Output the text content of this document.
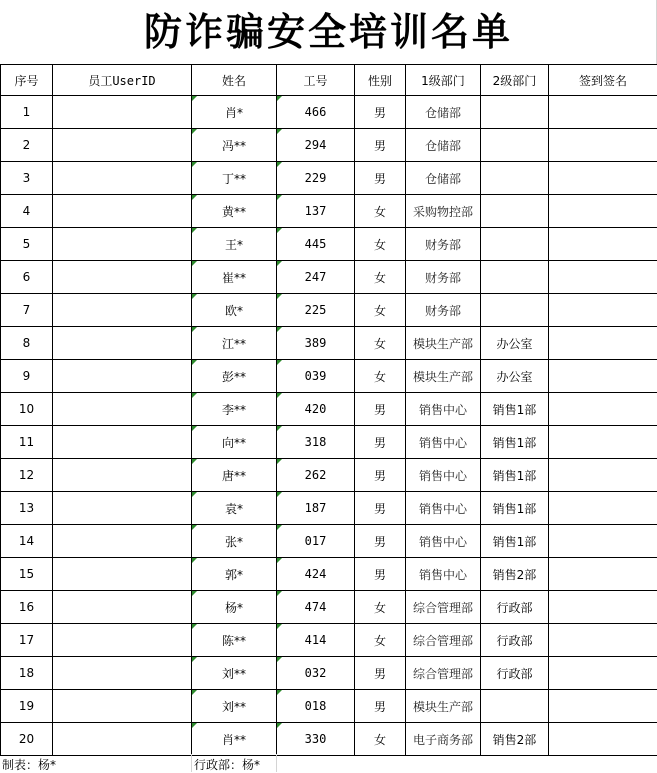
防诈骗安全培训名单
序号	员工UserID	姓名	工号	性别	1级部门	2级部门	签到签名
1		肖*	466	男	仓储部		
2		冯**	294	男	仓储部		
3		丁**	229	男	仓储部		
4		黄**	137	女	采购物控部		
5		王*	445	女	财务部		
6		崔**	247	女	财务部		
7		欧*	225	女	财务部		
8		江**	389	女	模块生产部	办公室	
9		彭**	039	女	模块生产部	办公室	
10		李**	420	男	销售中心	销售1部	
11		向**	318	男	销售中心	销售1部	
12		唐**	262	男	销售中心	销售1部	
13		袁*	187	男	销售中心	销售1部	
14		张*	017	男	销售中心	销售1部	
15		郭*	424	男	销售中心	销售2部	
16		杨*	474	女	综合管理部	行政部	
17		陈**	414	女	综合管理部	行政部	
18		刘**	032	男	综合管理部	行政部	
19		刘**	018	男	模块生产部		
20		肖**	330	女	电子商务部	销售2部	
制表：杨*	行政部：杨*
